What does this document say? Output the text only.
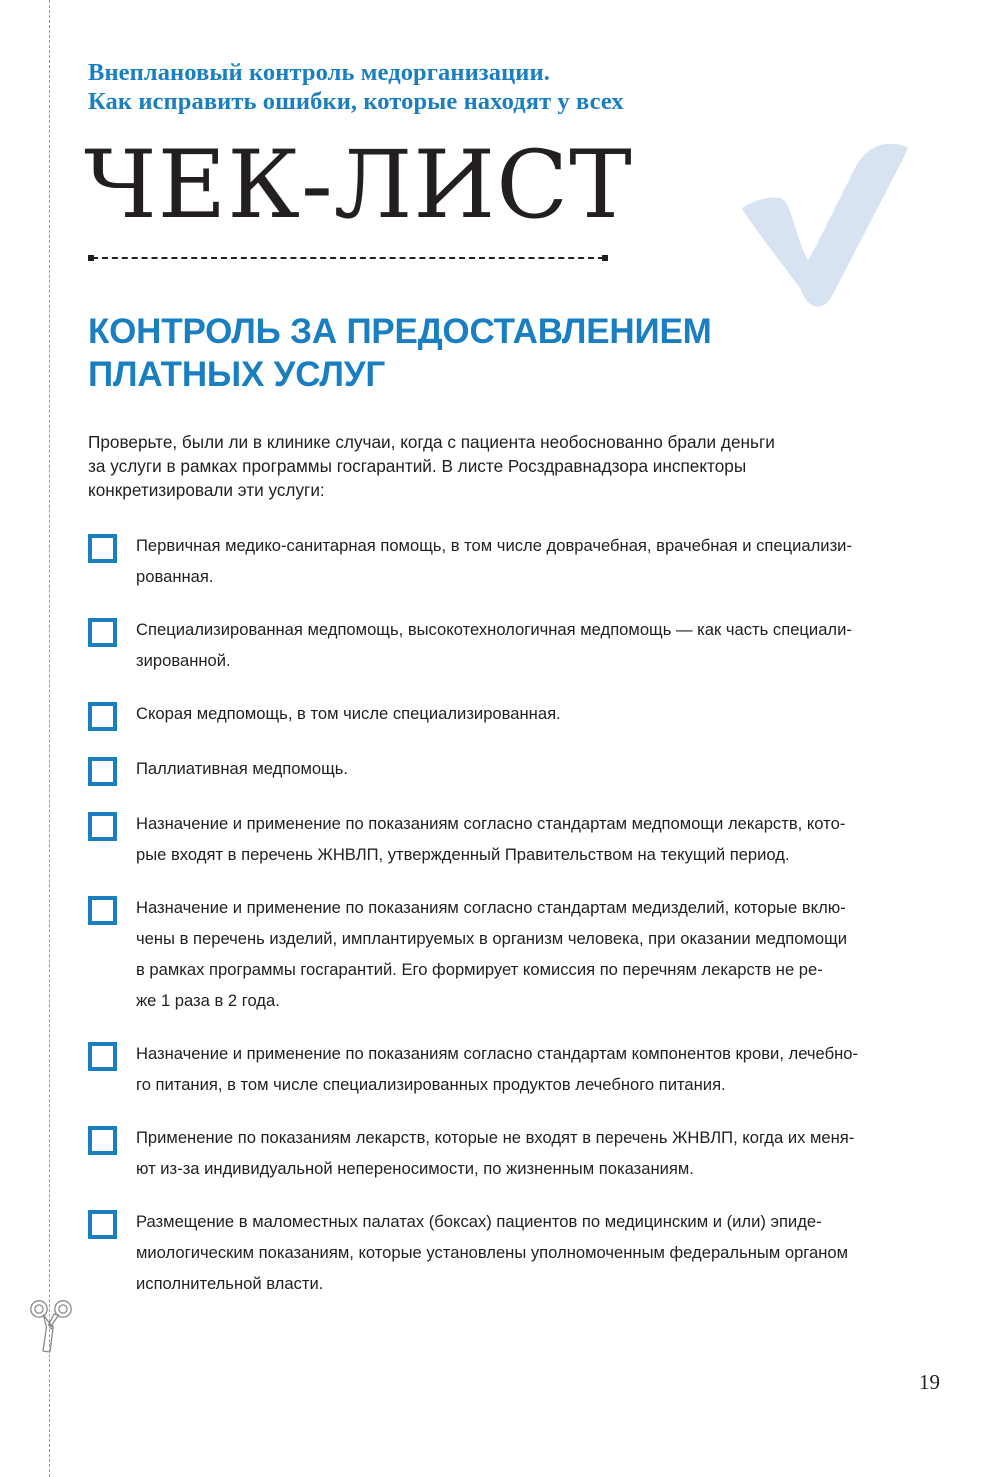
Внеплановый контроль медорганизации.
Как исправить ошибки, которые находят у всех
ЧЕК-ЛИСТ
КОНТРОЛЬ ЗА ПРЕДОСТАВЛЕНИЕМ
ПЛАТНЫХ УСЛУГ
Проверьте, были ли в клинике случаи, когда с пациента необоснованно брали деньги
за услуги в рамках программы госгарантий. В листе Росздравнадзора инспекторы
конкретизировали эти услуги:
Первичная медико-санитарная помощь, в том числе доврачебная, врачебная и специализи-
рованная.
Специализированная медпомощь, высокотехнологичная медпомощь — как часть специали-
зированной.
Скорая медпомощь, в том числе специализированная.
Паллиативная медпомощь.
Назначение и применение по показаниям согласно стандартам медпомощи лекарств, кото-
рые входят в перечень ЖНВЛП, утвержденный Правительством на текущий период.
Назначение и применение по показаниям согласно стандартам медизделий, которые вклю-
чены в перечень изделий, имплантируемых в организм человека, при оказании медпомощи
в рамках программы госгарантий. Его формирует комиссия по перечням лекарств не ре-
же 1 раза в 2 года.
Назначение и применение по показаниям согласно стандартам компонентов крови, лечебно-
го питания, в том числе специализированных продуктов лечебного питания.
Применение по показаниям лекарств, которые не входят в перечень ЖНВЛП, когда их меня-
ют из-за индивидуальной непереносимости, по жизненным показаниям.
Размещение в маломестных палатах (боксах) пациентов по медицинским и (или) эпиде-
миологическим показаниям, которые установлены уполномоченным федеральным органом
исполнительной власти.
19
